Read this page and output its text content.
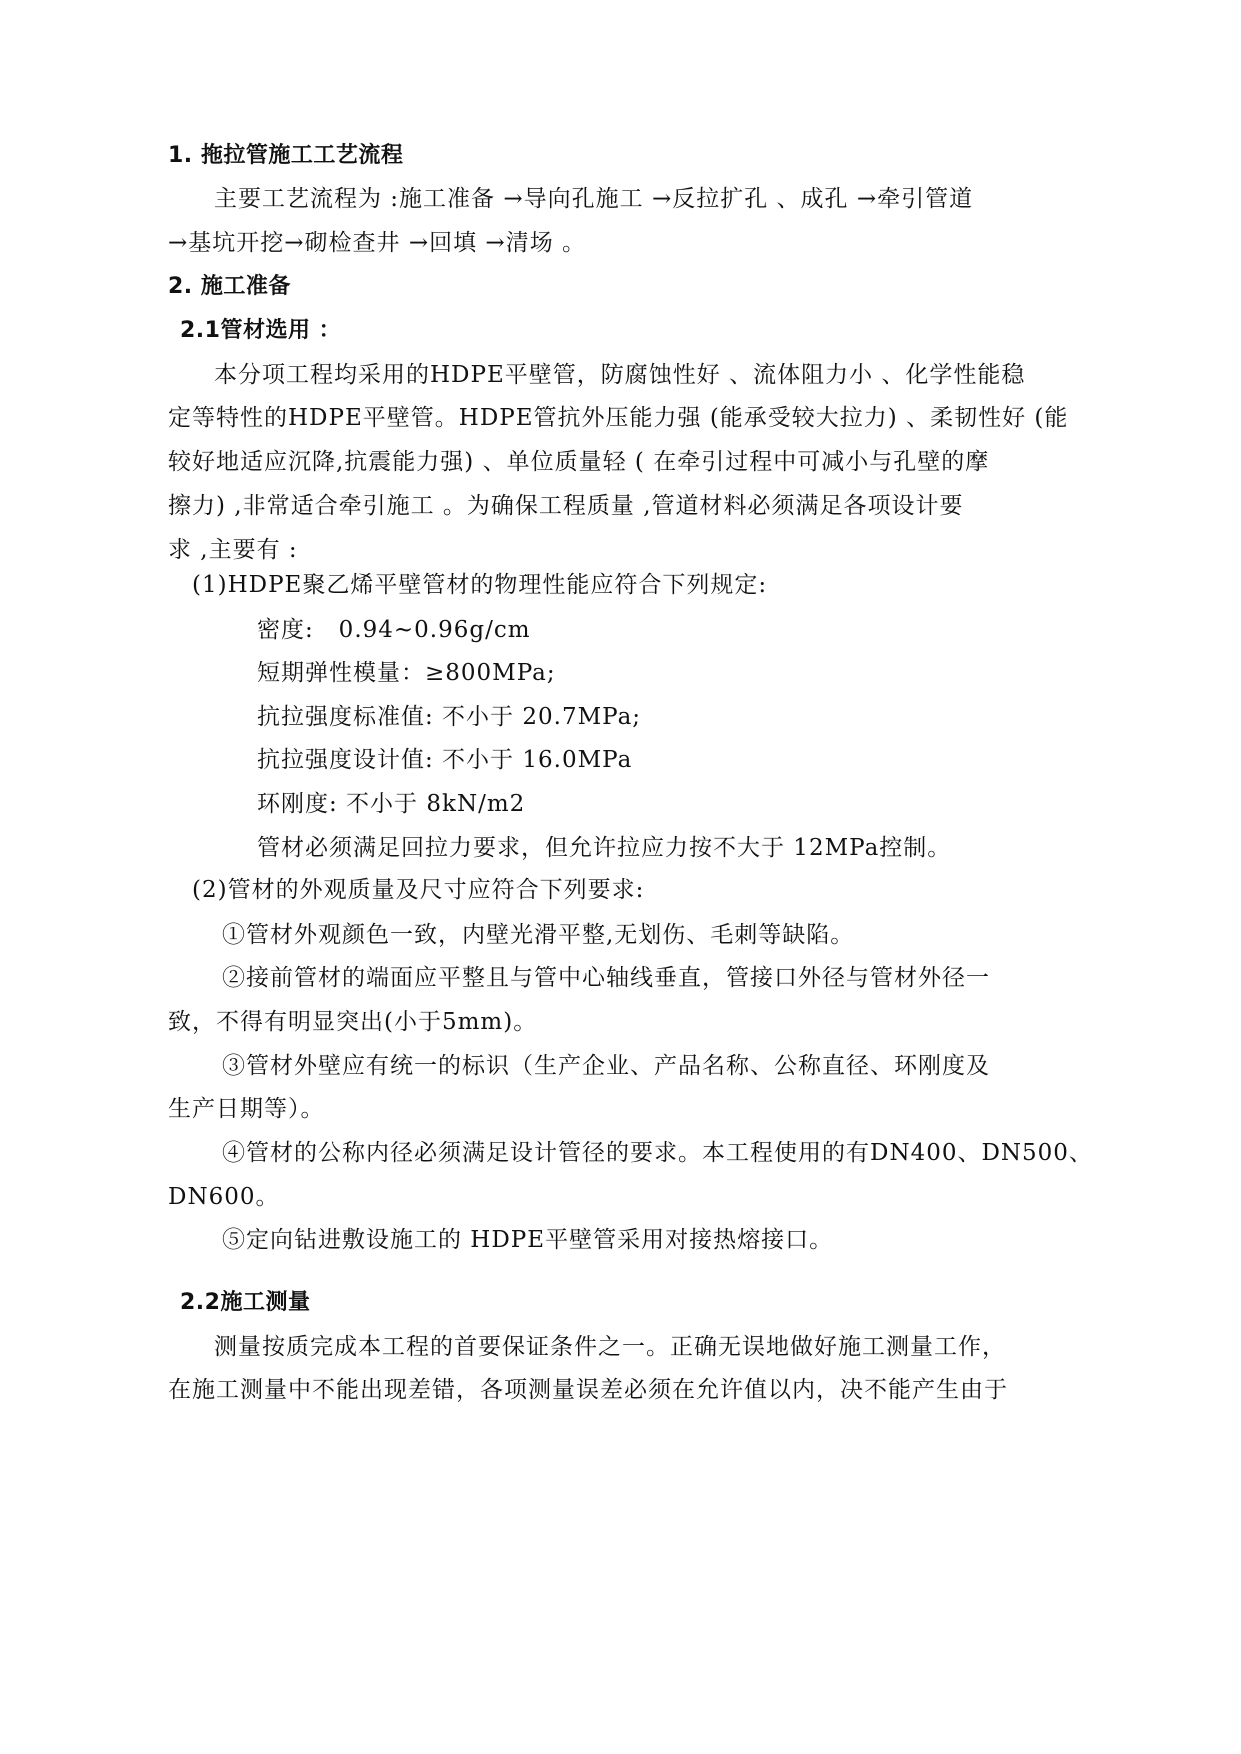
1. 拖拉管施工工艺流程
主要工艺流程为 :施工准备 →导向孔施工 →反拉扩孔 、成孔 →牵引管道
→基坑开挖→砌检查井 →回填 →清场 。
2. 施工准备
2.1管材选用 ：
本分项工程均采用的HDPE平壁管，防腐蚀性好 、流体阻力小 、化学性能稳
定等特性的HDPE平壁管。HDPE管抗外压能力强 (能承受较大拉力) 、柔韧性好 (能
较好地适应沉降,抗震能力强) 、单位质量轻 ( 在牵引过程中可减小与孔壁的摩
擦力) ,非常适合牵引施工 。为确保工程质量 ,管道材料必须满足各项设计要
求 ,主要有 :
(1)HDPE聚乙烯平壁管材的物理性能应符合下列规定:
密度:   0.94~0.96g/cm
短期弹性模量：≥800MPa;
抗拉强度标准值: 不小于 20.7MPa;
抗拉强度设计值: 不小于 16.0MPa
环刚度: 不小于 8kN/m2
管材必须满足回拉力要求，但允许拉应力按不大于 12MPa控制。
(2)管材的外观质量及尺寸应符合下列要求:
①管材外观颜色一致，内壁光滑平整,无划伤、毛刺等缺陷。
②接前管材的端面应平整且与管中心轴线垂直，管接口外径与管材外径一
致，不得有明显突出(小于5mm)。
③管材外壁应有统一的标识（生产企业、产品名称、公称直径、环刚度及
生产日期等）。
④管材的公称内径必须满足设计管径的要求。本工程使用的有DN400、DN500、
DN600。
⑤定向钻进敷设施工的 HDPE平壁管采用对接热熔接口。
2.2施工测量
测量按质完成本工程的首要保证条件之一。正确无误地做好施工测量工作，
在施工测量中不能出现差错，各项测量误差必须在允许值以内，决不能产生由于
